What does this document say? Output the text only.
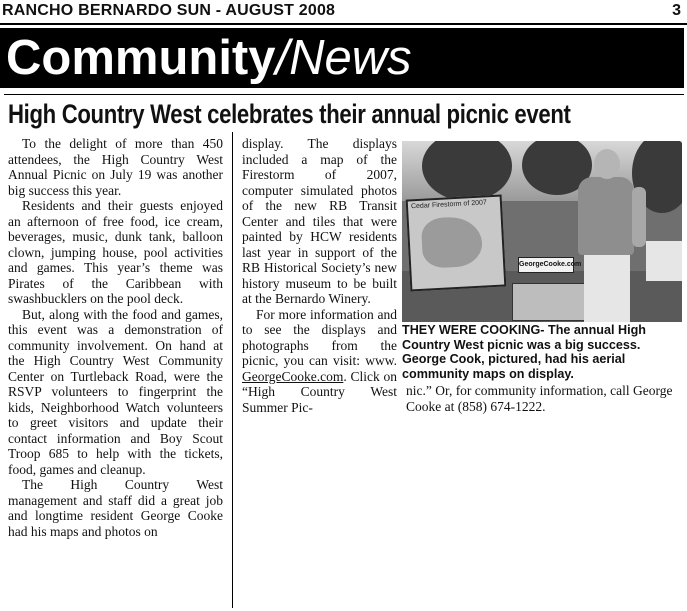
RANCHO BERNARDO SUN - AUGUST 2008	3
Community/News
High Country West celebrates their annual picnic event

To the delight of more than 450 attendees, the High Country West Annual Picnic on July 19 was another big success this year.

Residents and their guests enjoyed an afternoon of free food, ice cream, beverages, music, dunk tank, balloon clown, jumping house, pool activities and games. This year’s theme was Pirates of the Caribbean with swashbucklers on the pool deck.

But, along with the food and games, this event was a demonstration of community involvement. On hand at the High Country West Community Center on Turtleback Road, were the RSVP volunteers to fingerprint the kids, Neighborhood Watch volunteers to greet visitors and update their contact information and Boy Scout Troop 685 to help with the tickets, food, games and cleanup.

The High Country West management and staff did a great job and longtime resident George Cooke had his maps and photos on

display. The displays included a map of the Firestorm of 2007, computer simulated photos of the new RB Transit Center and tiles that were painted by HCW residents last year in support of the RB Historical Society’s new history museum to be built at the Bernardo Winery.

For more information and to see the displays and photographs from the picnic, you can visit: www. GeorgeCooke.com. Click on “High Country West Summer Pic-

Cedar Firestorm of 2007
GeorgeCooke.com
THEY WERE COOKING- The annual High Country West picnic was a big success. George Cook, pictured, had his aerial community maps on display.

nic.” Or, for community information, call George Cooke at (858) 674-1222.
